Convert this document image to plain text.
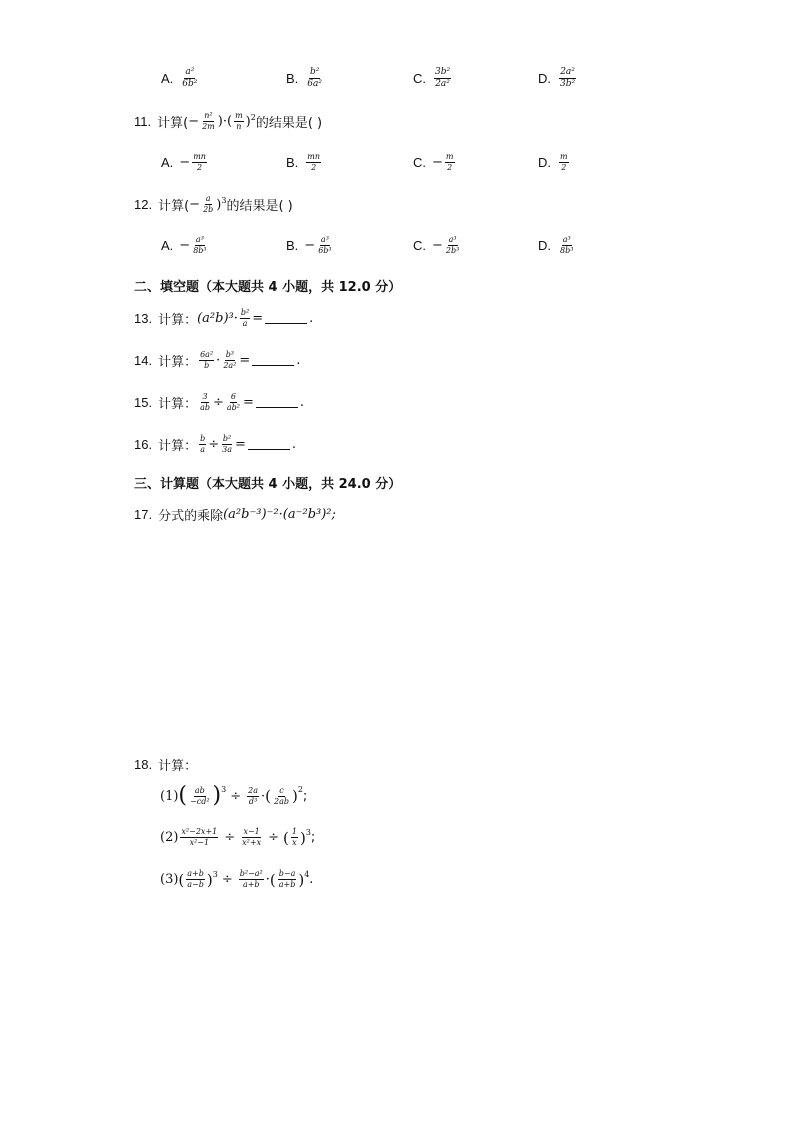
A. $\frac{\text{a²}}{\text{6b²}}$	B. $\frac{\text{b²}}{\text{6a²}}$	C. $\frac{\text{3b²}}{\text{2a²}}$	D. $\frac{\text{2a²}}{\text{3b²}}$
11. 计算( − $\frac{\text{n²}}{2m}$ )·( $\frac{m}{n} )^2$ 的结果是( )
A. − $\frac{mn}{2}$	B. $\frac{mn}{2}$	C. − $\frac{m}{2}$	D. $\frac{m}{2}$
12. 计算( − $\frac{a}{2b} )^3$ 的结果是( )
A. − $\frac{\text{a³}}{\text{8b³}}$	B. − $\frac{\text{a³}}{\text{6b³}}$	C. − $\frac{\text{a³}}{\text{2b³}}$	D. $\frac{\text{a³}}{\text{8b³}}$
二、填空题（本大题共 4 小题，共 12.0 分）
13. 计算： $(a^2b)^3 \cdot \frac{\text{b²}}{a}$ =	.
14. 计算： $\frac{\text{6a²}}{b} \cdot \frac{\text{b³}}{\text{2a²}}$ =	.
15. 计算： $\frac{3}{ab} \div \frac{6}{\text{ab²}}$ =	.
16. 计算： $\frac{b}{a} \div \frac{\text{b²}}{3a}$ =	.
三、计算题（本大题共 4 小题，共 24.0 分）
17. 分式的乘除 (a²b⁻³)⁻²·(a⁻²b³)²;
18. 计算：
(1) ( $\frac{ab}{\text{−cd²}}$ ) $3 \div \frac{2a}{\text{d³}}$ · ( $\frac{c}{2ab}$ ) 2 ;
$(2) \frac{\text{x²−2x+1}}{\text{x²−1}} \div \frac{x-1}{\text{x²+x}}$ ÷ ( $\frac{1}{x}$ ) 3 ;
(3) ( $\frac{a+b}{a-b}$ ) $3 \div \frac{\text{b²−a²}}{a+b}$ · ( $\frac{b-a}{a+b}$ ) 4 .
